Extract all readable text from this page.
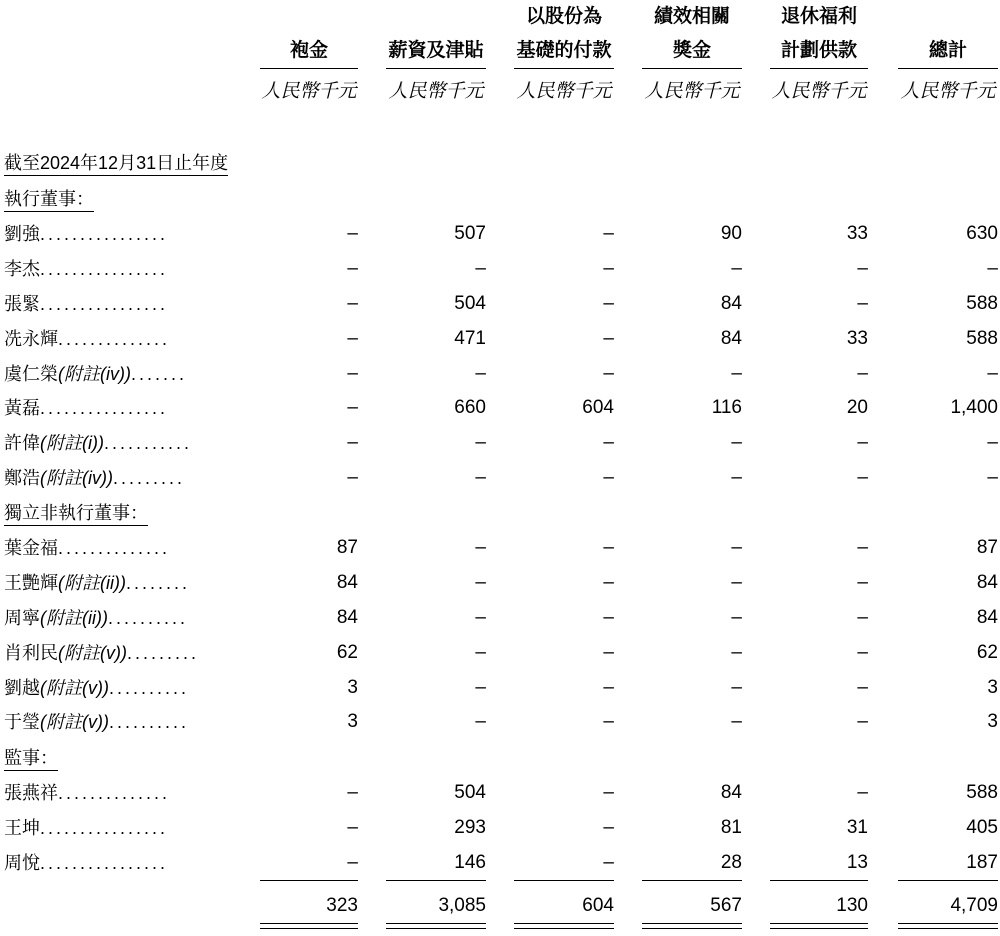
袍金
人民幣千元
薪資及津貼
人民幣千元
以股份為
基礎的付款
人民幣千元
績效相關
獎金
人民幣千元
退休福利
計劃供款
人民幣千元
總計
人民幣千元
截至2024年12月31日止年度
執行董事：
獨立非執行董事：
監事：
劉強................	–	507	–	90	33	630
李杰................	–	–	–	–	–	–
張緊................	–	504	–	84	–	588
冼永輝..............	–	471	–	84	33	588
虞仁榮(附註(iv)).......	–	–	–	–	–	–
黃磊................	–	660	604	116	20	1,400
許偉(附註(i))...........	–	–	–	–	–	–
鄭浩(附註(iv)).........	–	–	–	–	–	–
葉金福..............	87	–	–	–	–	87
王艷輝(附註(ii))........	84	–	–	–	–	84
周寧(附註(ii))..........	84	–	–	–	–	84
肖利民(附註(v)).........	62	–	–	–	–	62
劉越(附註(v))..........	3	–	–	–	–	3
于瑩(附註(v))..........	3	–	–	–	–	3
張燕祥..............	–	504	–	84	–	588
王坤................	–	293	–	81	31	405
周悅................	–	146	–	28	13	187
323	3,085	604	567	130	4,709
